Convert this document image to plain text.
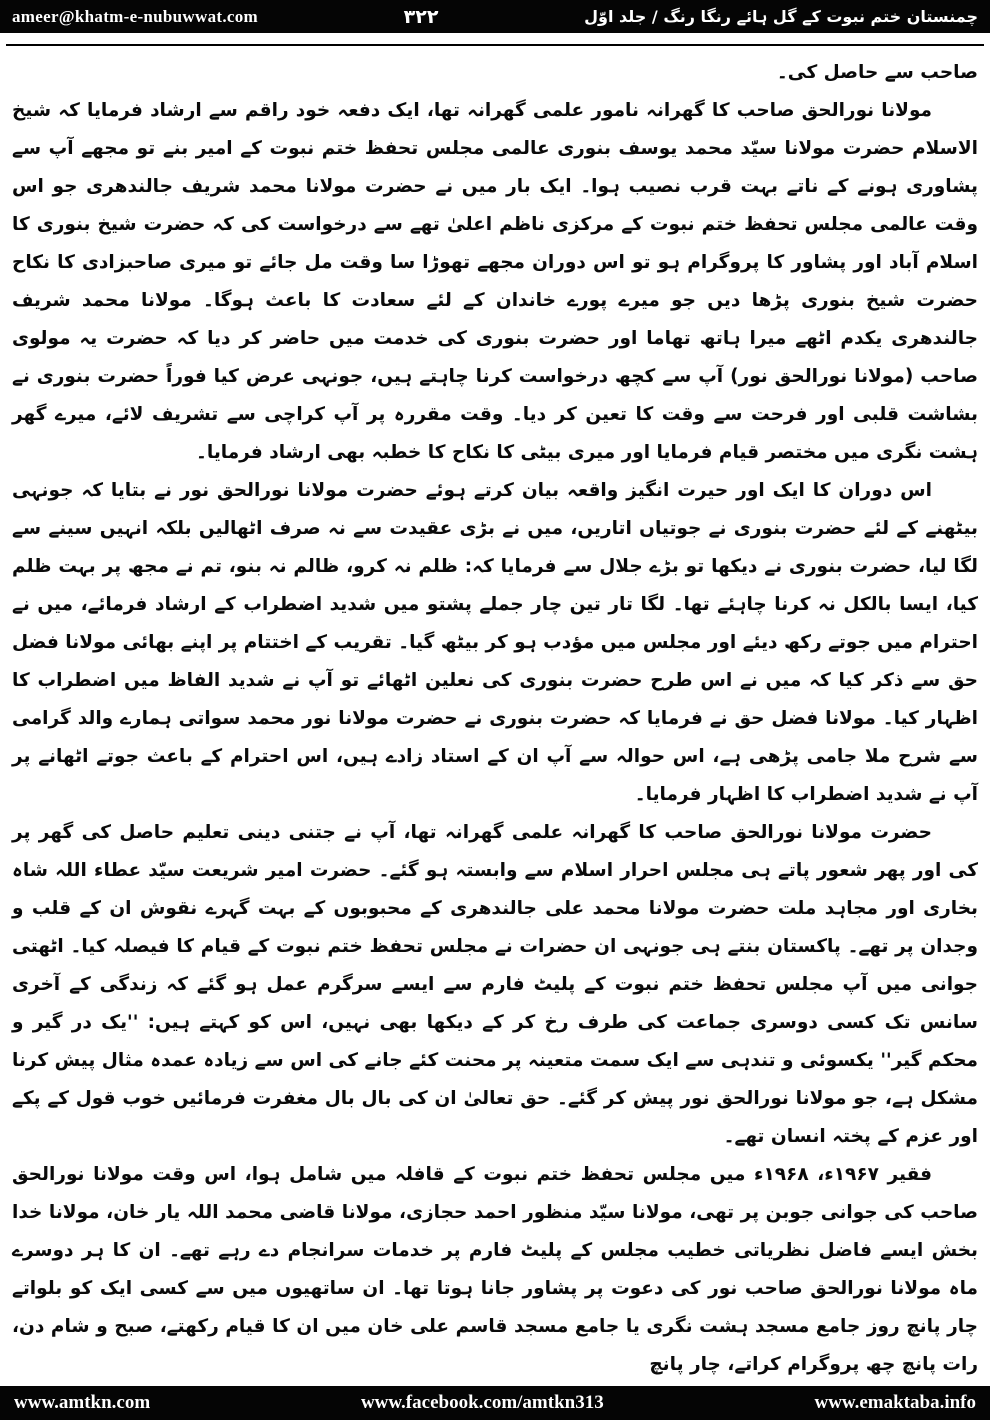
ameer@khatm-e-nubuwwat.com	۳۲۲	چمنستان ختم نبوت کے گل ہائے رنگا رنگ / جلد اوّل

صاحب سے حاصل کی۔

مولانا نورالحق صاحب کا گھرانہ نامور علمی گھرانہ تھا، ایک دفعہ خود راقم سے ارشاد فرمایا کہ شیخ الاسلام حضرت مولانا سیّد محمد یوسف بنوری عالمی مجلس تحفظ ختم نبوت کے امیر بنے تو مجھے آپ سے پشاوری ہونے کے ناتے بہت قرب نصیب ہوا۔ ایک بار میں نے حضرت مولانا محمد شریف جالندھری جو اس وقت عالمی مجلس تحفظ ختم نبوت کے مرکزی ناظم اعلیٰ تھے سے درخواست کی کہ حضرت شیخ بنوری کا اسلام آباد اور پشاور کا پروگرام ہو تو اس دوران مجھے تھوڑا سا وقت مل جائے تو میری صاحبزادی کا نکاح حضرت شیخ بنوری پڑھا دیں جو میرے پورے خاندان کے لئے سعادت کا باعث ہوگا۔ مولانا محمد شریف جالندھری یکدم اٹھے میرا ہاتھ تھاما اور حضرت بنوری کی خدمت میں حاضر کر دیا کہ حضرت یہ مولوی صاحب (مولانا نورالحق نور) آپ سے کچھ درخواست کرنا چاہتے ہیں، جونہی عرض کیا فوراً حضرت بنوری نے بشاشت قلبی اور فرحت سے وقت کا تعین کر دیا۔ وقت مقررہ پر آپ کراچی سے تشریف لائے، میرے گھر ہشت نگری میں مختصر قیام فرمایا اور میری بیٹی کا نکاح کا خطبہ بھی ارشاد فرمایا۔

اس دوران کا ایک اور حیرت انگیز واقعہ بیان کرتے ہوئے حضرت مولانا نورالحق نور نے بتایا کہ جونہی بیٹھنے کے لئے حضرت بنوری نے جوتیاں اتاریں، میں نے بڑی عقیدت سے نہ صرف اٹھالیں بلکہ انہیں سینے سے لگا لیا، حضرت بنوری نے دیکھا تو بڑے جلال سے فرمایا کہ: ظلم نہ کرو، ظالم نہ بنو، تم نے مجھ پر بہت ظلم کیا، ایسا بالکل نہ کرنا چاہئے تھا۔ لگا تار تین چار جملے پشتو میں شدید اضطراب کے ارشاد فرمائے، میں نے احترام میں جوتے رکھ دیئے اور مجلس میں مؤدب ہو کر بیٹھ گیا۔ تقریب کے اختتام پر اپنے بھائی مولانا فضل حق سے ذکر کیا کہ میں نے اس طرح حضرت بنوری کی نعلین اٹھائے تو آپ نے شدید الفاظ میں اضطراب کا اظہار کیا۔ مولانا فضل حق نے فرمایا کہ حضرت بنوری نے حضرت مولانا نور محمد سواتی ہمارے والد گرامی سے شرح ملا جامی پڑھی ہے، اس حوالہ سے آپ ان کے استاد زادے ہیں، اس احترام کے باعث جوتے اٹھانے پر آپ نے شدید اضطراب کا اظہار فرمایا۔

حضرت مولانا نورالحق صاحب کا گھرانہ علمی گھرانہ تھا، آپ نے جتنی دینی تعلیم حاصل کی گھر پر کی اور پھر شعور پاتے ہی مجلس احرار اسلام سے وابستہ ہو گئے۔ حضرت امیر شریعت سیّد عطاء اللہ شاہ بخاری اور مجاہد ملت حضرت مولانا محمد علی جالندھری کے محبوبوں کے بہت گہرے نقوش ان کے قلب و وجدان پر تھے۔ پاکستان بنتے ہی جونہی ان حضرات نے مجلس تحفظ ختم نبوت کے قیام کا فیصلہ کیا۔ اٹھتی جوانی میں آپ مجلس تحفظ ختم نبوت کے پلیٹ فارم سے ایسے سرگرم عمل ہو گئے کہ زندگی کے آخری سانس تک کسی دوسری جماعت کی طرف رخ کر کے دیکھا بھی نہیں، اس کو کہتے ہیں: ''یک در گیر و محکم گیر'' یکسوئی و تندہی سے ایک سمت متعینہ پر محنت کئے جانے کی اس سے زیادہ عمدہ مثال پیش کرنا مشکل ہے، جو مولانا نورالحق نور پیش کر گئے۔ حق تعالیٰ ان کی بال بال مغفرت فرمائیں خوب قول کے پکے اور عزم کے پختہ انسان تھے۔

فقیر ۱۹۶۷ء، ۱۹۶۸ء میں مجلس تحفظ ختم نبوت کے قافلہ میں شامل ہوا، اس وقت مولانا نورالحق صاحب کی جوانی جوبن پر تھی، مولانا سیّد منظور احمد حجازی، مولانا قاضی محمد اللہ یار خان، مولانا خدا بخش ایسے فاضل نظریاتی خطیب مجلس کے پلیٹ فارم پر خدمات سرانجام دے رہے تھے۔ ان کا ہر دوسرے ماہ مولانا نورالحق صاحب نور کی دعوت پر پشاور جانا ہوتا تھا۔ ان ساتھیوں میں سے کسی ایک کو بلواتے چار پانچ روز جامع مسجد ہشت نگری یا جامع مسجد قاسم علی خان میں ان کا قیام رکھتے، صبح و شام دن، رات پانچ چھ پروگرام کراتے، چار پانچ

www.amtkn.com	www.facebook.com/amtkn313	www.emaktaba.info
